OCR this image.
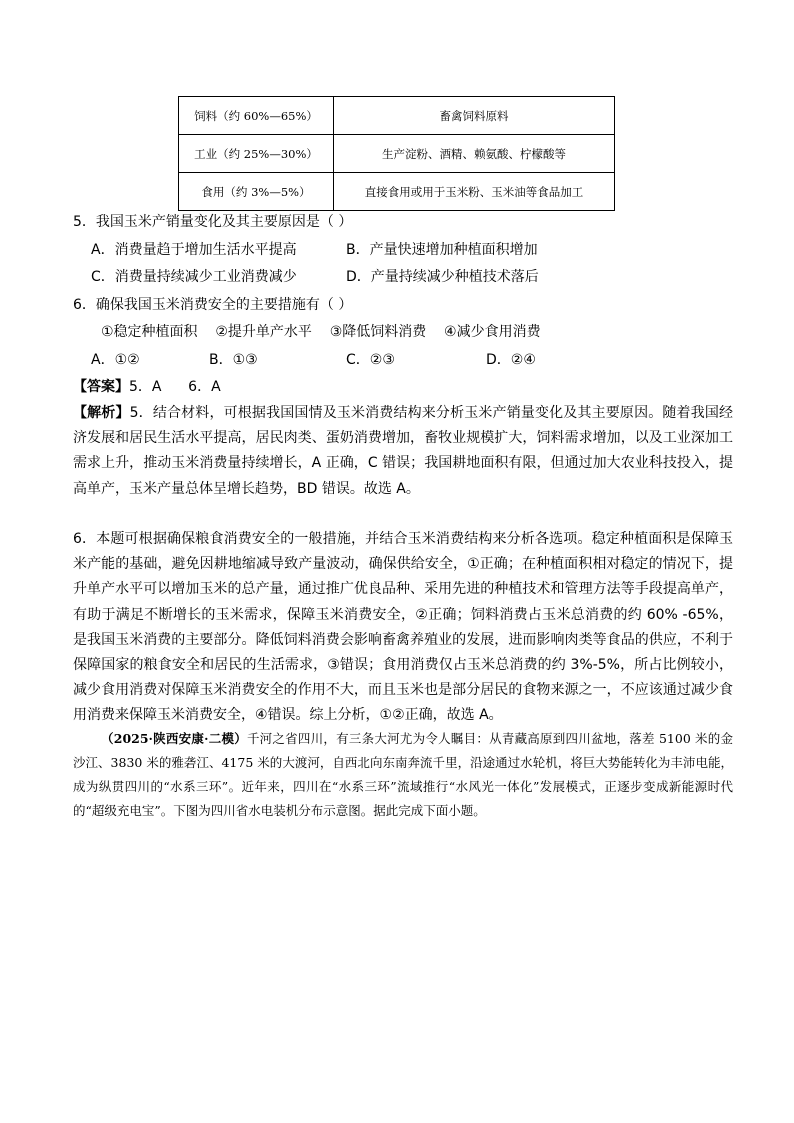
饲料（约 60%—65%）	畜禽饲料原料
工业（约 25%—30%）	生产淀粉、酒精、赖氨酸、柠檬酸等
食用（约 3%—5%）	直接食用或用于玉米粉、玉米油等食品加工
5．我国玉米产销量变化及其主要原因是（ ）
A．消费量趋于增加生活水平提高	B．产量快速增加种植面积增加
C．消费量持续减少工业消费减少	D．产量持续减少种植技术落后
6．确保我国玉米消费安全的主要措施有（ ）
①稳定种植面积    ②提升单产水平    ③降低饲料消费    ④减少食用消费
A．①②	B．①③	C．②③	D．②④
【答案】5．A      6．A
【解析】5．结合材料，可根据我国国情及玉米消费结构来分析玉米产销量变化及其主要原因。随着我国经济发展和居民生活水平提高，居民肉类、蛋奶消费增加，畜牧业规模扩大，饲料需求增加，以及工业深加工需求上升，推动玉米消费量持续增长，A 正确，C 错误；我国耕地面积有限，但通过加大农业科技投入，提高单产，玉米产量总体呈增长趋势，BD 错误。故选 A。
6．本题可根据确保粮食消费安全的一般措施，并结合玉米消费结构来分析各选项。稳定种植面积是保障玉米产能的基础，避免因耕地缩减导致产量波动，确保供给安全，①正确；在种植面积相对稳定的情况下，提升单产水平可以增加玉米的总产量，通过推广优良品种、采用先进的种植技术和管理方法等手段提高单产，有助于满足不断增长的玉米需求，保障玉米消费安全，②正确；饲料消费占玉米总消费的约 60% -65%，是我国玉米消费的主要部分。降低饲料消费会影响畜禽养殖业的发展，进而影响肉类等食品的供应，不利于保障国家的粮食安全和居民的生活需求，③错误；食用消费仅占玉米总消费的约 3%-5%，所占比例较小，减少食用消费对保障玉米消费安全的作用不大，而且玉米也是部分居民的食物来源之一，不应该通过减少食用消费来保障玉米消费安全，④错误。综上分析，①②正确，故选 A。
（2025·陕西安康·二模）千河之省四川，有三条大河尤为令人瞩目：从青藏高原到四川盆地，落差 5100 米的金沙江、3830 米的雅砻江、4175 米的大渡河，自西北向东南奔流千里，沿途通过水轮机，将巨大势能转化为丰沛电能，成为纵贯四川的“水系三环”。近年来，四川在“水系三环”流域推行“水风光一体化”发展模式，正逐步变成新能源时代的“超级充电宝”。下图为四川省水电装机分布示意图。据此完成下面小题。
